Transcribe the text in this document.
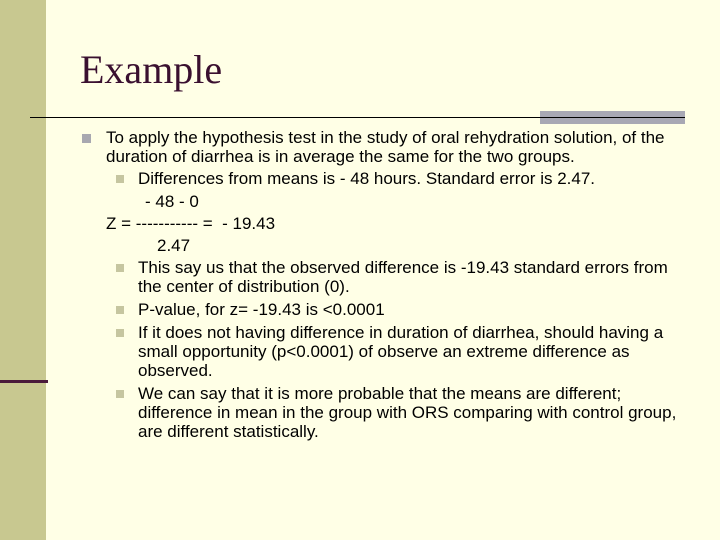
Example
To apply the hypothesis test in the study of oral rehydration solution, of the duration of diarrhea is in average the same for the two groups.
Differences from means is - 48 hours. Standard error is 2.47.
- 48 - 0
Z = ----------- =  - 19.43
2.47
This say us that the observed difference is -19.43 standard errors from the center of distribution (0).
P-value, for z= -19.43 is <0.0001
If it does not having difference in duration of diarrhea, should having a small opportunity (p<0.0001) of observe an extreme difference as observed.
We can say that it is more probable that the means are different; difference in mean in the group with ORS comparing with control group, are different statistically.
